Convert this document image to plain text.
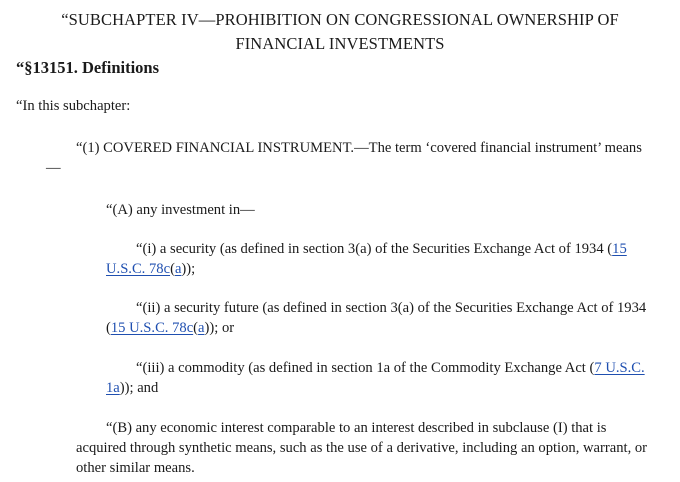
“SUBCHAPTER IV—PROHIBITION ON CONGRESSIONAL OWNERSHIP OF
FINANCIAL INVESTMENTS
“§13151. Definitions
“In this subchapter:
“(1) COVERED FINANCIAL INSTRUMENT.—The term ‘covered financial instrument’ means—
“(A) any investment in—
“(i) a security (as defined in section 3(a) of the Securities Exchange Act of 1934 (15 U.S.C. 78c(a));
“(ii) a security future (as defined in section 3(a) of the Securities Exchange Act of 1934 (15 U.S.C. 78c(a)); or
“(iii) a commodity (as defined in section 1a of the Commodity Exchange Act (7 U.S.C. 1a)); and
“(B) any economic interest comparable to an interest described in subclause (I) that is acquired through synthetic means, such as the use of a derivative, including an option, warrant, or other similar means.
